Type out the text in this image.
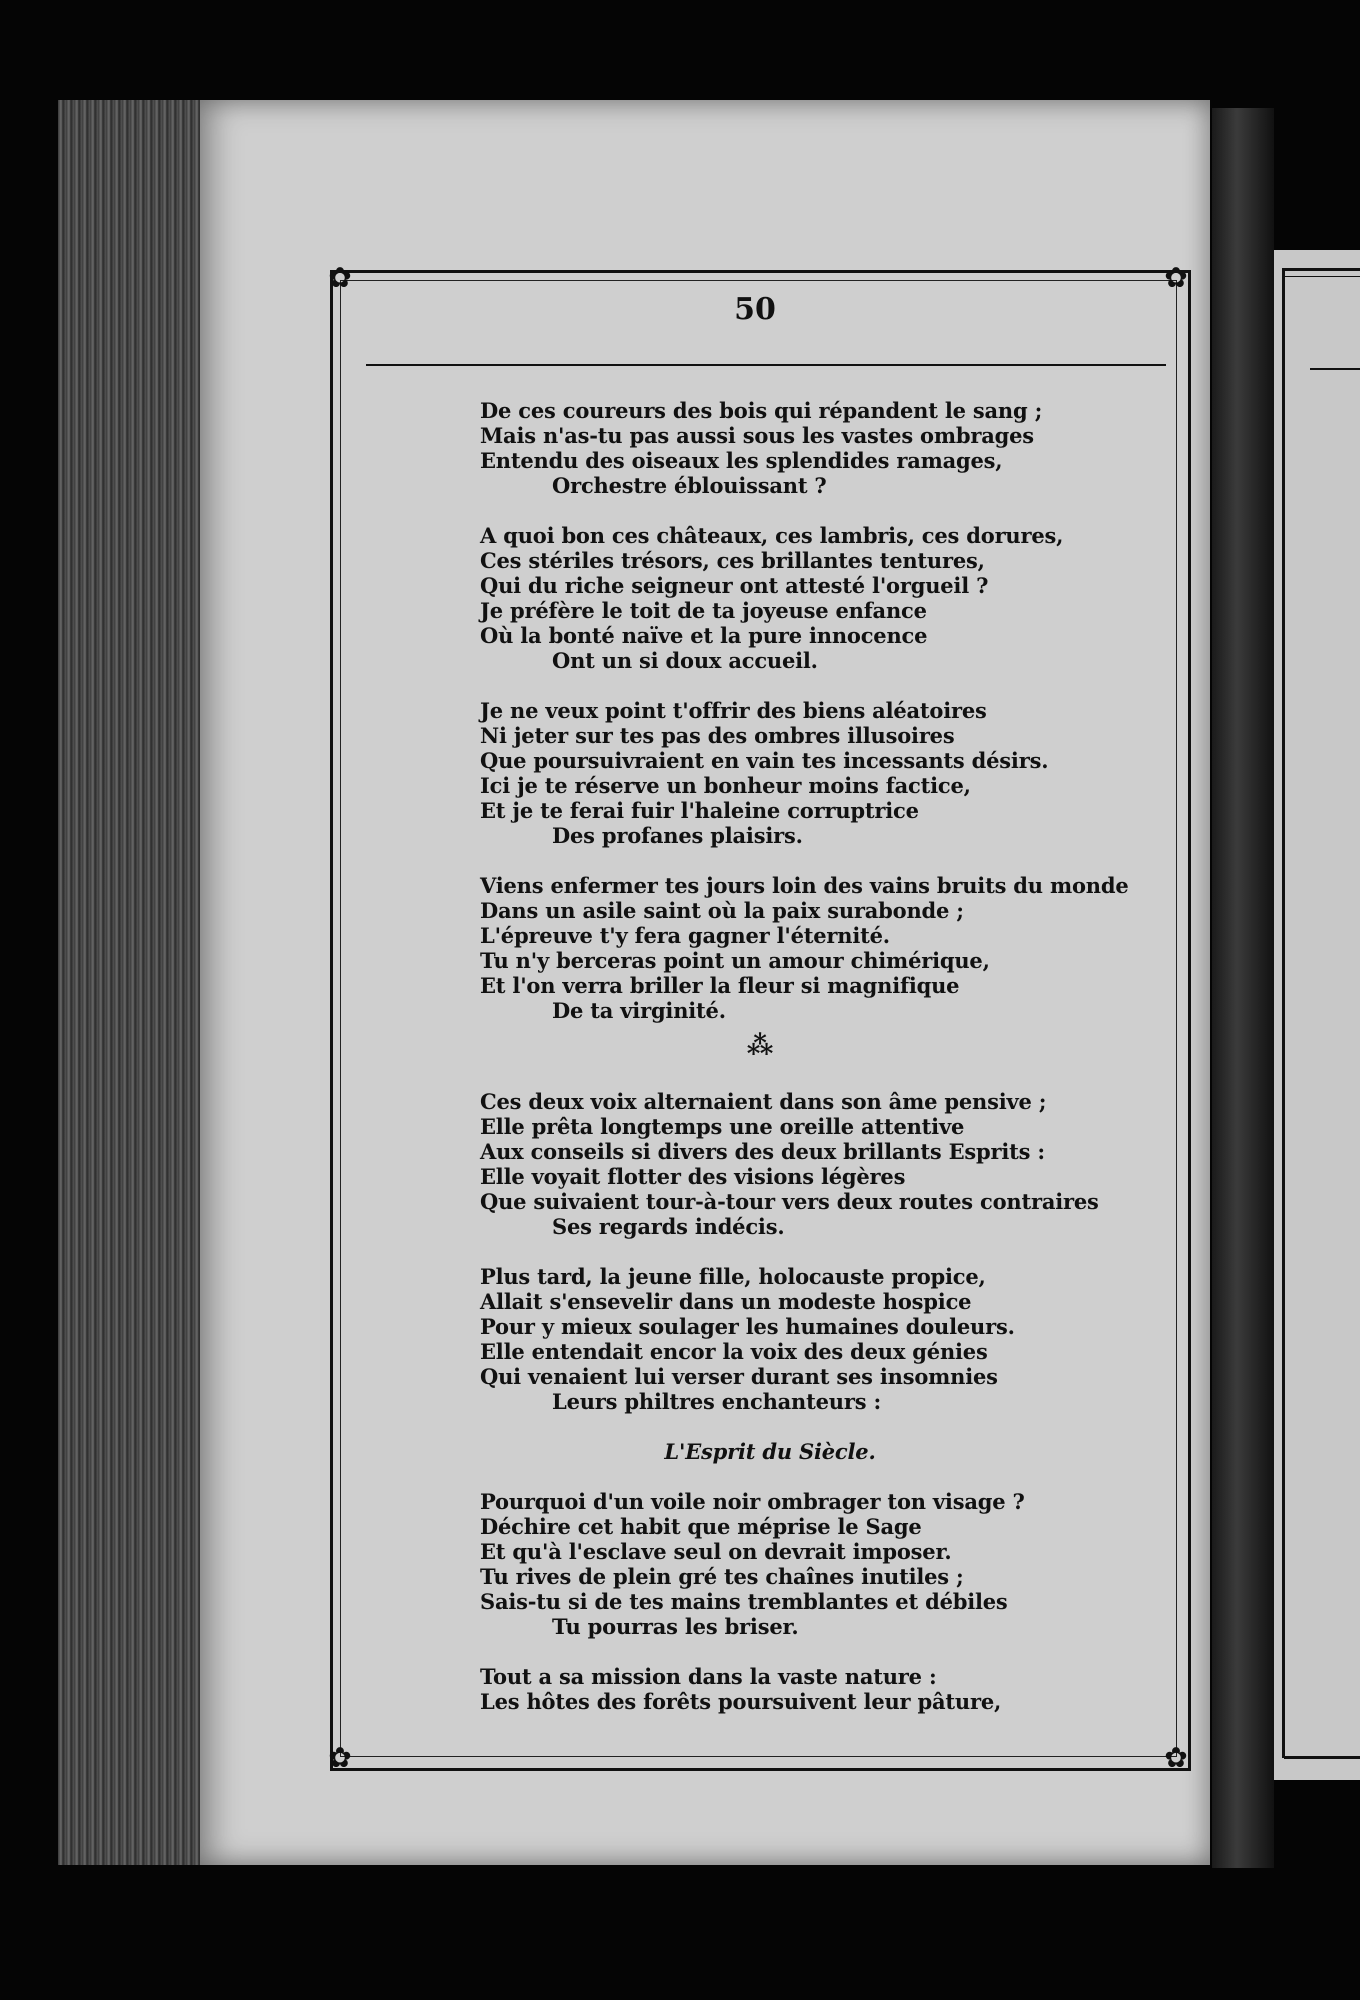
✿	✿
✿	✿
50
De ces coureurs des bois qui répandent le sang ;
Mais n'as-tu pas aussi sous les vastes ombrages
Entendu des oiseaux les splendides ramages,
Orchestre éblouissant ?
A quoi bon ces châteaux, ces lambris, ces dorures,
Ces stériles trésors, ces brillantes tentures,
Qui du riche seigneur ont attesté l'orgueil ?
Je préfère le toit de ta joyeuse enfance
Où la bonté naïve et la pure innocence
Ont un si doux accueil.
Je ne veux point t'offrir des biens aléatoires
Ni jeter sur tes pas des ombres illusoires
Que poursuivraient en vain tes incessants désirs.
Ici je te réserve un bonheur moins factice,
Et je te ferai fuir l'haleine corruptrice
Des profanes plaisirs.
Viens enfermer tes jours loin des vains bruits du monde
Dans un asile saint où la paix surabonde ;
L'épreuve t'y fera gagner l'éternité.
Tu n'y berceras point un amour chimérique,
Et l'on verra briller la fleur si magnifique
De ta virginité.
⁂
Ces deux voix alternaient dans son âme pensive ;
Elle prêta longtemps une oreille attentive
Aux conseils si divers des deux brillants Esprits :
Elle voyait flotter des visions légères
Que suivaient tour-à-tour vers deux routes contraires
Ses regards indécis.
Plus tard, la jeune fille, holocauste propice,
Allait s'ensevelir dans un modeste hospice
Pour y mieux soulager les humaines douleurs.
Elle entendait encor la voix des deux génies
Qui venaient lui verser durant ses insomnies
Leurs philtres enchanteurs :
L'Esprit du Siècle.
Pourquoi d'un voile noir ombrager ton visage ?
Déchire cet habit que méprise le Sage
Et qu'à l'esclave seul on devrait imposer.
Tu rives de plein gré tes chaînes inutiles ;
Sais-tu si de tes mains tremblantes et débiles
Tu pourras les briser.
Tout a sa mission dans la vaste nature :
Les hôtes des forêts poursuivent leur pâture,
